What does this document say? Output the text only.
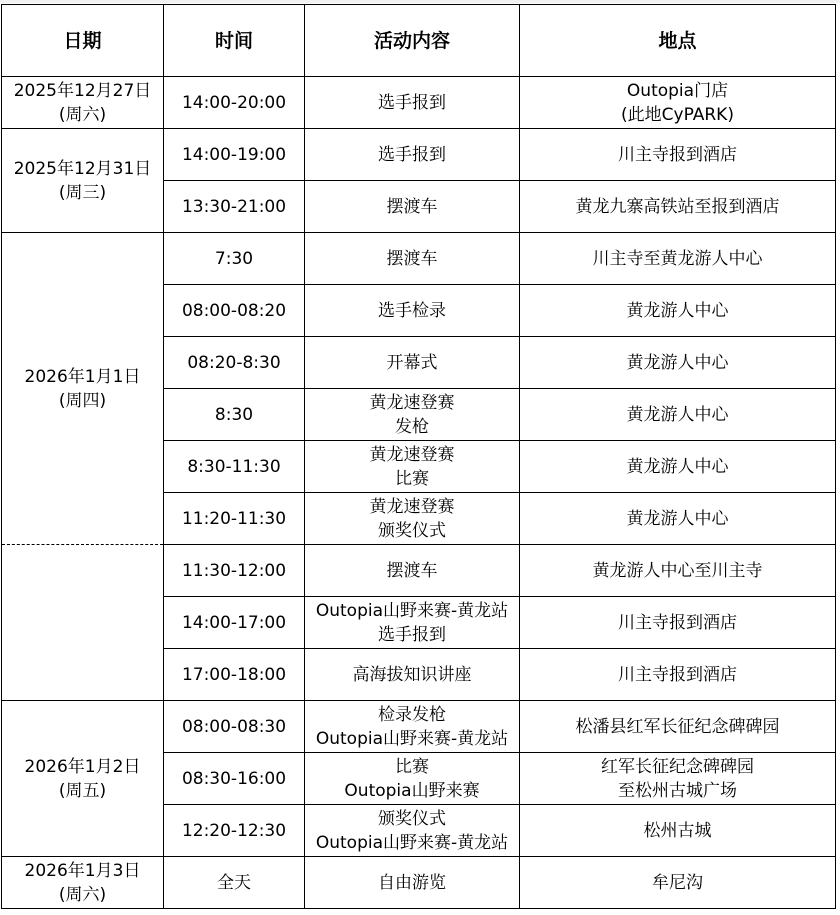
日期	时间	活动内容	地点

2025年12月27日
(周六)	14:00-20:00	选手报到	Outopia门店
(此地CyPARK)

2025年12月31日
(周三)	14:00-19:00	选手报到	川主寺报到酒店

	13:30-21:00	摆渡车	黄龙九寨高铁站至报到酒店

2026年1月1日
(周四)	7:30	摆渡车	川主寺至黄龙游人中心

	08:00-08:20	选手检录	黄龙游人中心

	08:20-8:30	开幕式	黄龙游人中心

	8:30	黄龙速登赛
发枪	黄龙游人中心

	8:30-11:30	黄龙速登赛
比赛	黄龙游人中心

	11:20-11:30	黄龙速登赛
颁奖仪式	黄龙游人中心

	11:30-12:00	摆渡车	黄龙游人中心至川主寺

	14:00-17:00	Outopia山野来赛-黄龙站
选手报到	川主寺报到酒店

	17:00-18:00	高海拔知识讲座	川主寺报到酒店

2026年1月2日
(周五)	08:00-08:30	检录发枪
Outopia山野来赛-黄龙站	松潘县红军长征纪念碑碑园

	08:30-16:00	比赛
Outopia山野来赛	红军长征纪念碑碑园
至松州古城广场

	12:20-12:30	颁奖仪式
Outopia山野来赛-黄龙站	松州古城

2026年1月3日
(周六)	全天	自由游览	牟尼沟
